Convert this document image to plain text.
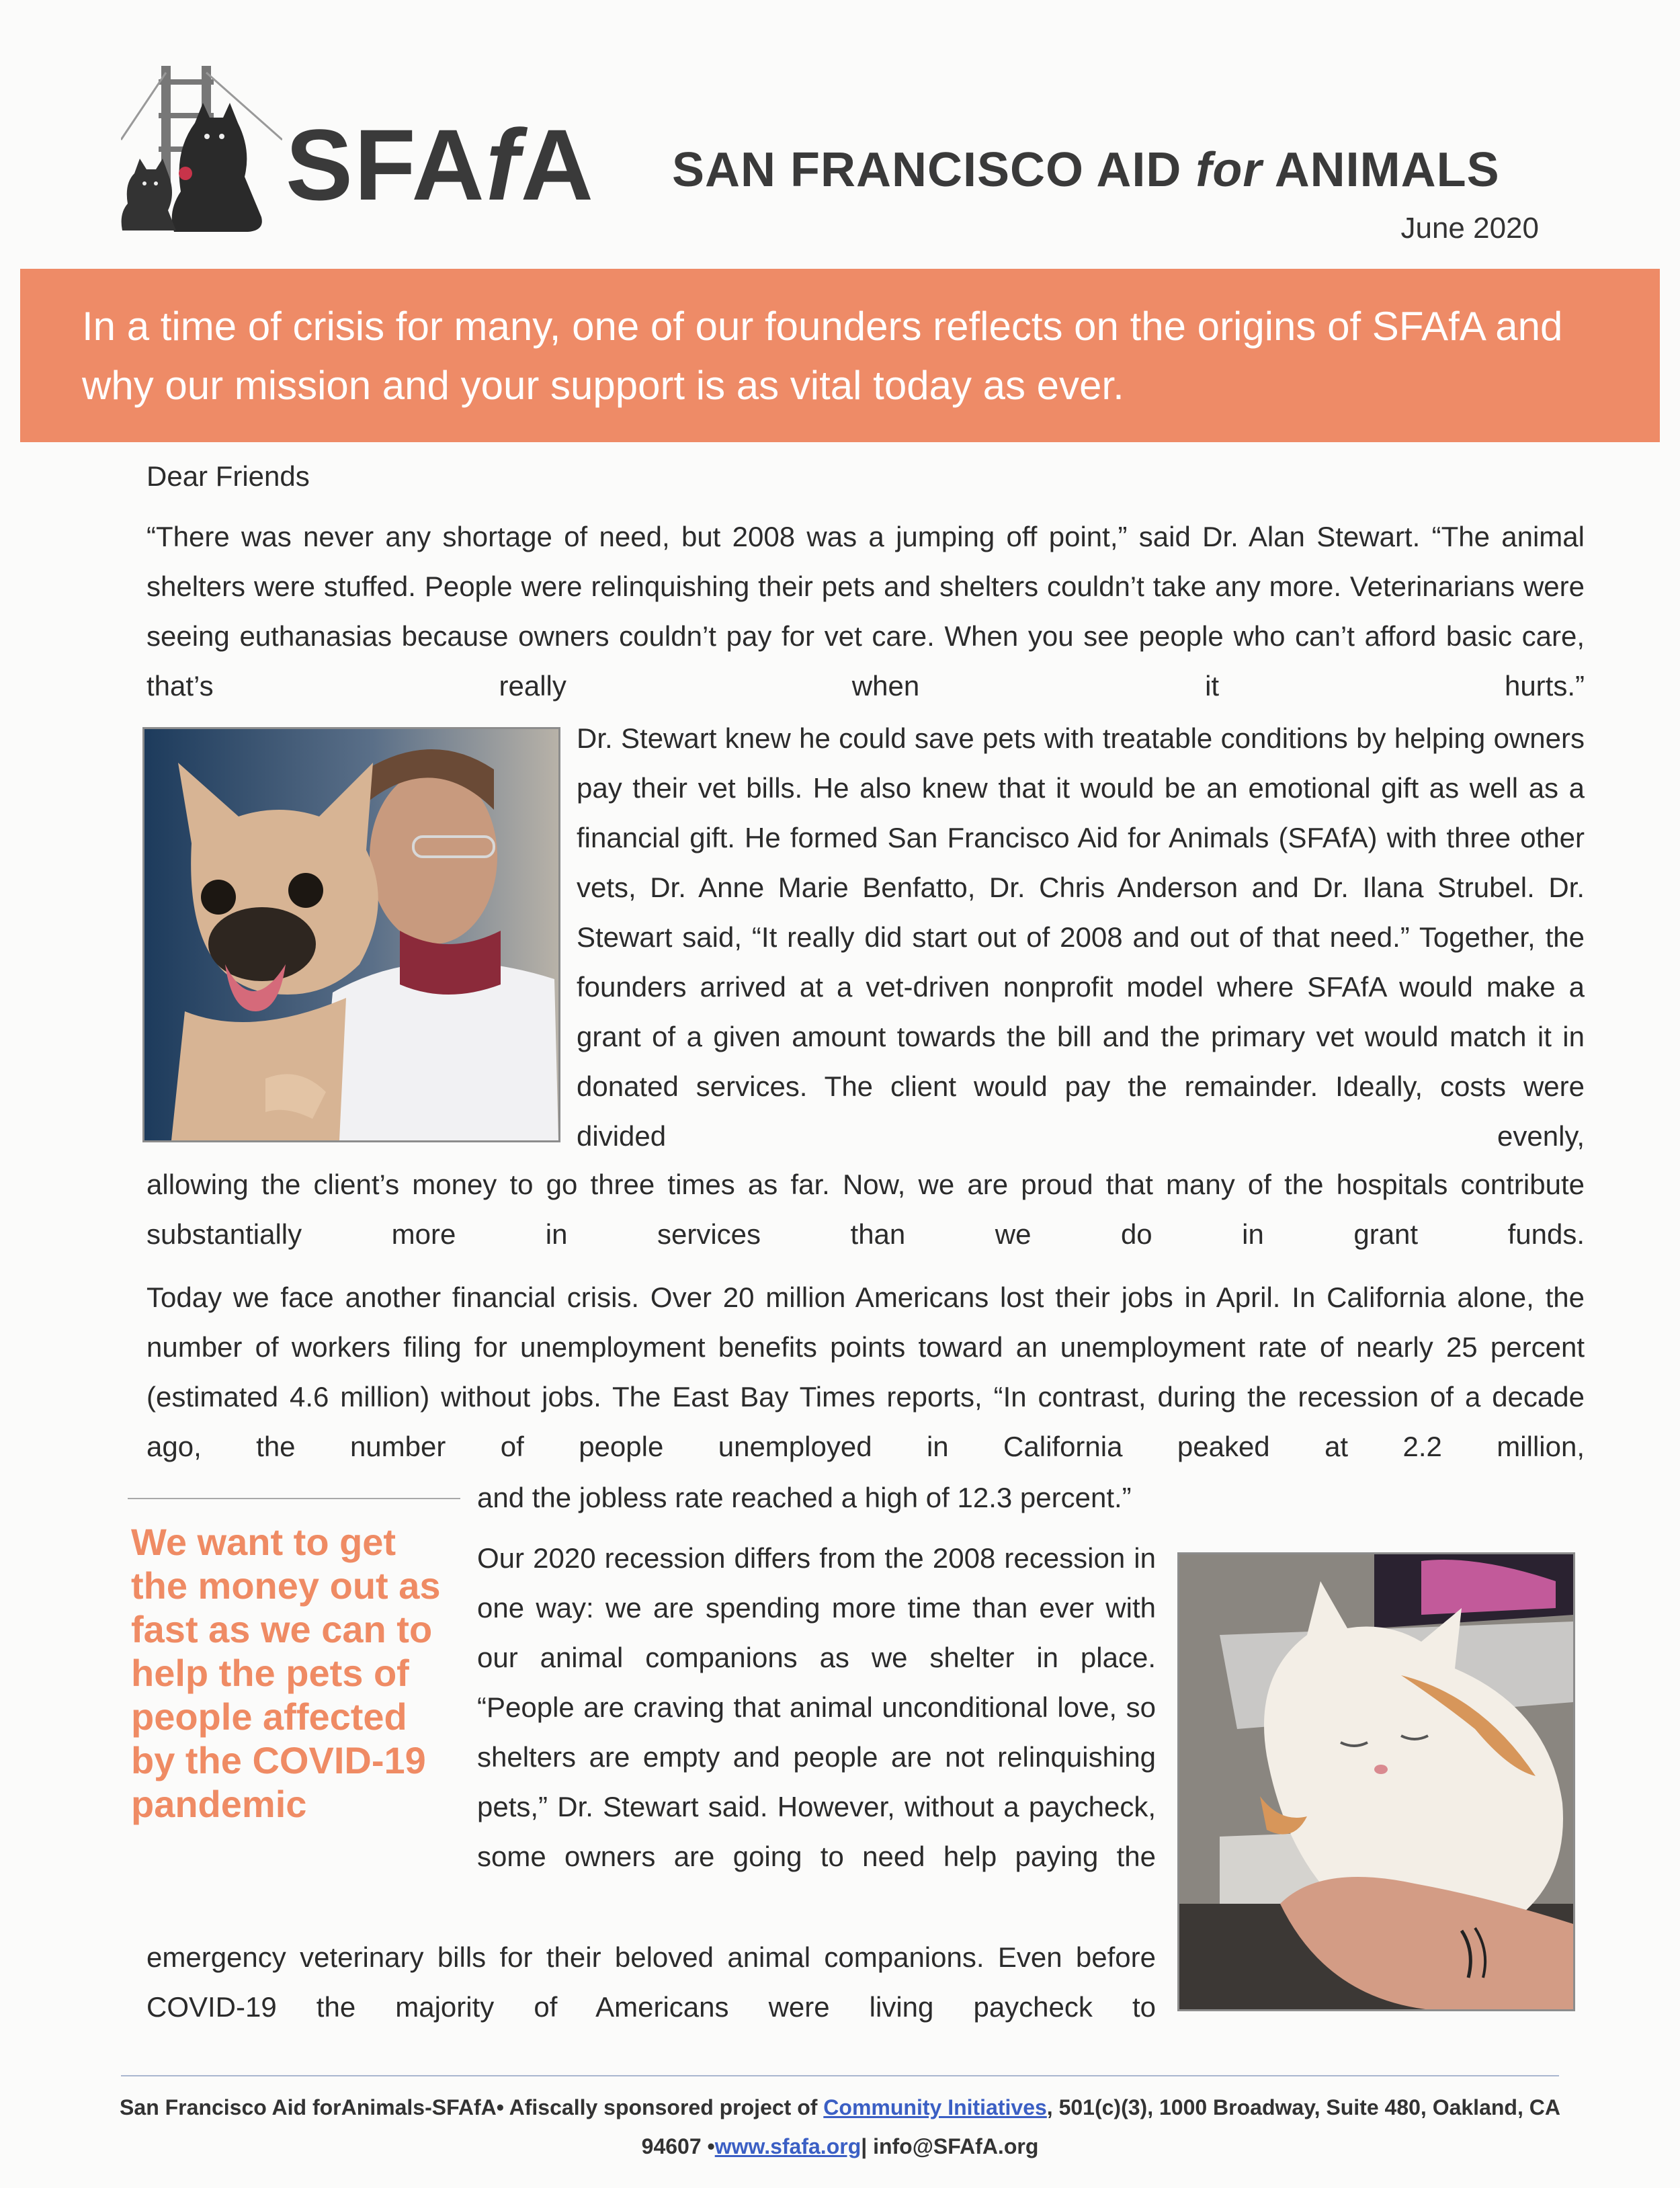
SFAfA SAN FRANCISCO AID for ANIMALS
June 2020

In a time of crisis for many, one of our founders reflects on the origins of SFAfA and why our mission and your support is as vital today as ever.

Dear Friends

“There was never any shortage of need, but 2008 was a jumping off point,” said Dr. Alan Stewart. “The animal shelters were stuffed. People were relinquishing their pets and shelters couldn’t take any more. Veterinarians were seeing euthanasias because owners couldn’t pay for vet care. When you see people who can’t afford basic care, that’s really when it hurts.”

Dr. Stewart knew he could save pets with treatable conditions by helping owners pay their vet bills. He also knew that it would be an emotional gift as well as a financial gift. He formed San Francisco Aid for Animals (SFAfA) with three other vets, Dr. Anne Marie Benfatto, Dr. Chris Anderson and Dr. Ilana Strubel. Dr. Stewart said, “It really did start out of 2008 and out of that need.” Together, the founders arrived at a vet-driven nonprofit model where SFAfA would make a grant of a given amount towards the bill and the primary vet would match it in donated services. The client would pay the remainder. Ideally, costs were divided evenly,

allowing the client’s money to go three times as far. Now, we are proud that many of the hospitals contribute substantially more in services than we do in grant funds.

Today we face another financial crisis. Over 20 million Americans lost their jobs in April. In California alone, the number of workers filing for unemployment benefits points toward an unemployment rate of nearly 25 percent (estimated 4.6 million) without jobs. The East Bay Times reports, “In contrast, during the recession of a decade ago, the number of people unemployed in California peaked at 2.2 million,

and the jobless rate reached a high of 12.3 percent.”

We want to get the money out as fast as we can to help the pets of people affected by the COVID-19 pandemic

Our 2020 recession differs from the 2008 recession in one way: we are spending more time than ever with our animal companions as we shelter in place. “People are craving that animal unconditional love, so shelters are empty and people are not relinquishing pets,” Dr. Stewart said. However, without a paycheck, some owners are going to need help paying the

emergency veterinary bills for their beloved animal companions. Even before COVID-19 the majority of Americans were living paycheck to

San Francisco Aid forAnimals-SFAfA• Afiscally sponsored project of Community Initiatives, 501(c)(3), 1000 Broadway, Suite 480, Oakland, CA
94607 •www.sfafa.org| info@SFAfA.org
